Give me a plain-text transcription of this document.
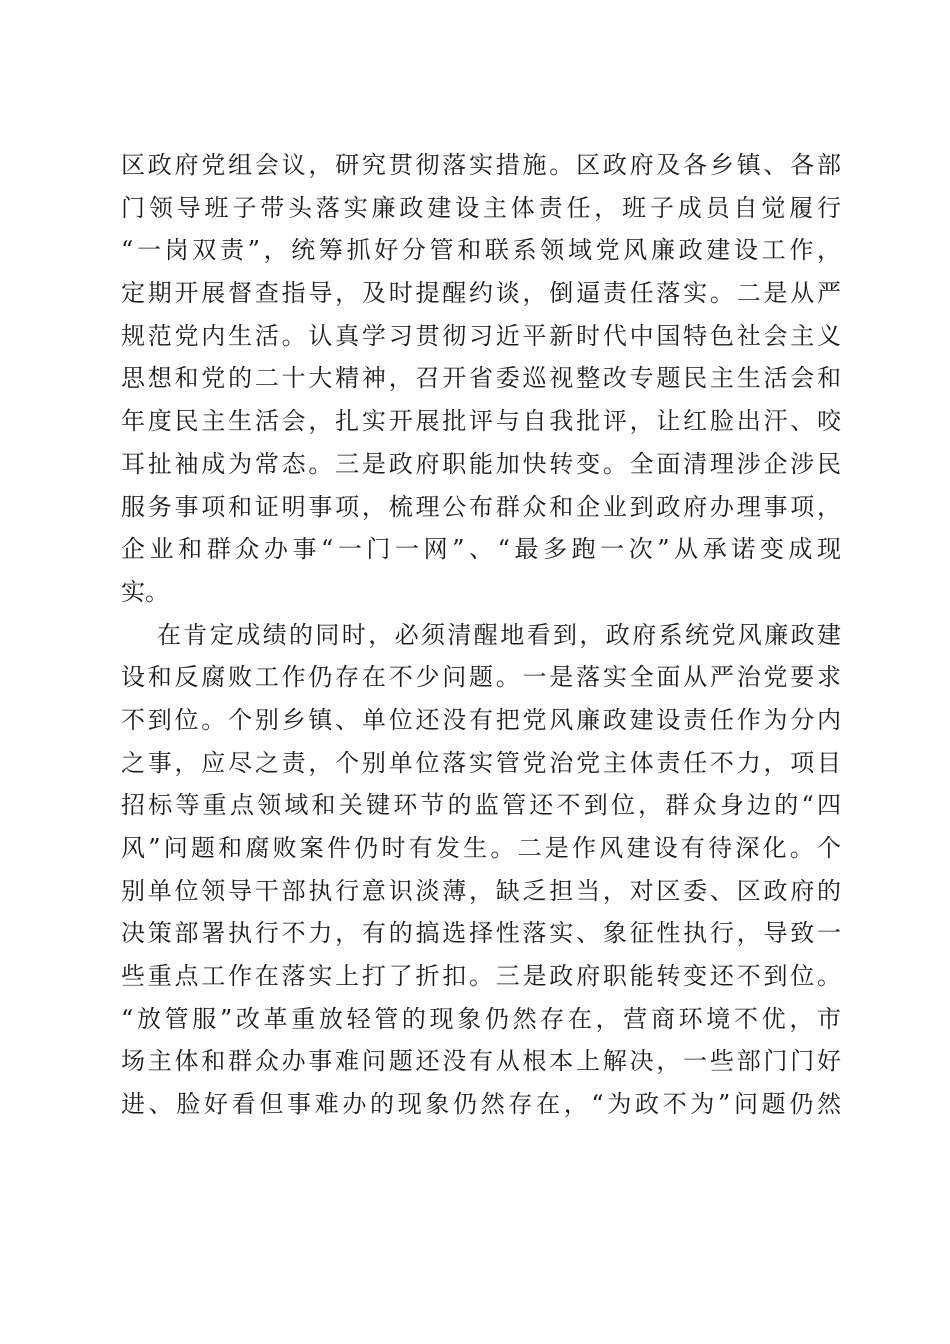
区政府党组会议，研究贯彻落实措施。区政府及各乡镇、各部
门领导班子带头落实廉政建设主体责任，班子成员自觉履行
“一岗双责”，统筹抓好分管和联系领域党风廉政建设工作，
定期开展督查指导，及时提醒约谈，倒逼责任落实。二是从严
规范党内生活。认真学习贯彻习近平新时代中国特色社会主义
思想和党的二十大精神，召开省委巡视整改专题民主生活会和
年度民主生活会，扎实开展批评与自我批评，让红脸出汗、咬
耳扯袖成为常态。三是政府职能加快转变。全面清理涉企涉民
服务事项和证明事项，梳理公布群众和企业到政府办理事项，
企业和群众办事“一门一网”、“最多跑一次”从承诺变成现
实。
在肯定成绩的同时，必须清醒地看到，政府系统党风廉政建
设和反腐败工作仍存在不少问题。一是落实全面从严治党要求
不到位。个别乡镇、单位还没有把党风廉政建设责任作为分内
之事，应尽之责，个别单位落实管党治党主体责任不力，项目
招标等重点领域和关键环节的监管还不到位，群众身边的“四
风”问题和腐败案件仍时有发生。二是作风建设有待深化。个
别单位领导干部执行意识淡薄，缺乏担当，对区委、区政府的
决策部署执行不力，有的搞选择性落实、象征性执行，导致一
些重点工作在落实上打了折扣。三是政府职能转变还不到位。
“放管服”改革重放轻管的现象仍然存在，营商环境不优，市
场主体和群众办事难问题还没有从根本上解决，一些部门门好
进、脸好看但事难办的现象仍然存在，“为政不为”问题仍然
